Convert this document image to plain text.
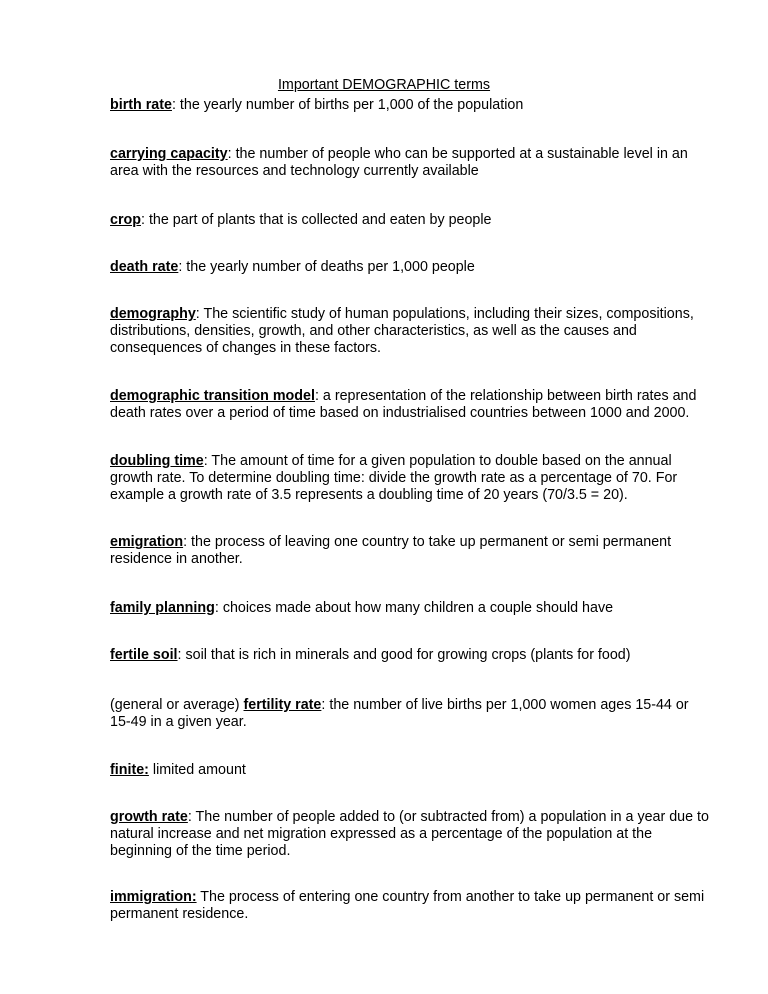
Important DEMOGRAPHIC terms
birth rate: the yearly number of births per 1,000 of the population
carrying capacity: the number of people who can be supported at a sustainable level in an
area with the resources and technology currently available
crop: the part of plants that is collected and eaten by people
death rate: the yearly number of deaths per 1,000 people
demography: The scientific study of human populations, including their sizes, compositions,
distributions, densities, growth, and other characteristics, as well as the causes and
consequences of changes in these factors.
demographic transition model: a representation of the relationship between birth rates and
death rates over a period of time based on industrialised countries between 1000 and 2000.
doubling time: The amount of time for a given population to double based on the annual
growth rate. To determine doubling time: divide the growth rate as a percentage of 70. For
example a growth rate of 3.5 represents a doubling time of 20 years (70/3.5 = 20).
emigration: the process of leaving one country to take up permanent or semi permanent
residence in another.
family planning: choices made about how many children a couple should have
fertile soil: soil that is rich in minerals and good for growing crops (plants for food)
(general or average) fertility rate: the number of live births per 1,000 women ages 15-44 or
15-49 in a given year.
finite: limited amount
growth rate: The number of people added to (or subtracted from) a population in a year due to
natural increase and net migration expressed as a percentage of the population at the
beginning of the time period.
immigration: The process of entering one country from another to take up permanent or semi
permanent residence.
